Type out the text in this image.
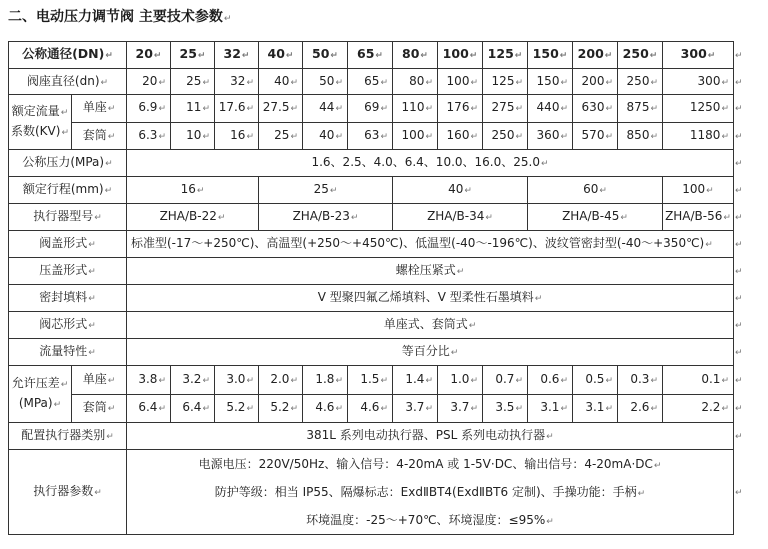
二、电动压力调节阀 主要技术参数↵
公称通径(DN)↵		20↵	25↵	32↵	40↵	50↵	65↵	80↵	100↵	125↵	150↵	200↵	250↵	300↵	↵
阀座直径(dn)↵		20↵	25↵	32↵	40↵	50↵	65↵	80↵	100↵	125↵	150↵	200↵	250↵	300↵	↵
额定流量↵	单座↵	6.9↵	11↵	17.6↵	27.5↵	44↵	69↵	110↵	176↵	275↵	440↵	630↵	875↵	1250↵	↵
系数(KV)↵	套筒↵	6.3↵	10↵	16↵	25↵	40↵	63↵	100↵	160↵	250↵	360↵	570↵	850↵	1180↵	↵
公称压力(MPa)↵		1.6、2.5、4.0、6.4、10.0、16.0、25.0↵													↵
额定行程(mm)↵		16↵			25↵			40↵			60↵			100↵	↵
执行器型号↵		ZHA/B-22↵			ZHA/B-23↵			ZHA/B-34↵			ZHA/B-45↵			ZHA/B-56↵	↵
阀盖形式↵		标准型(-17～+250℃)、高温型(+250～+450℃)、低温型(-40～-196℃)、波纹管密封型(-40～+350℃)↵													↵
压盖形式↵		螺栓压紧式↵													↵
密封填料↵		V 型聚四氟乙烯填料、V 型柔性石墨填料↵													↵
阀芯形式↵		单座式、套筒式↵													↵
流量特性↵		等百分比↵													↵
允许压差↵	单座↵	3.8↵	3.2↵	3.0↵	2.0↵	1.8↵	1.5↵	1.4↵	1.0↵	0.7↵	0.6↵	0.5↵	0.3↵	0.1↵	↵
(MPa)↵	套筒↵	6.4↵	6.4↵	5.2↵	5.2↵	4.6↵	4.6↵	3.7↵	3.7↵	3.5↵	3.1↵	3.1↵	2.6↵	2.2↵	↵
配置执行器类别↵		381L 系列电动执行器、PSL 系列电动执行器↵													↵
执行器参数↵		电源电压：220V/50Hz、输入信号：4-20mA 或 1-5V·DC、输出信号：4-20mA·DC↵
防护等级：相当 IP55、隔爆标志：ExdⅡBT4(ExdⅡBT6 定制)、手操功能：手柄↵
环境温度：-25～+70℃、环境湿度：≤95%↵													↵
